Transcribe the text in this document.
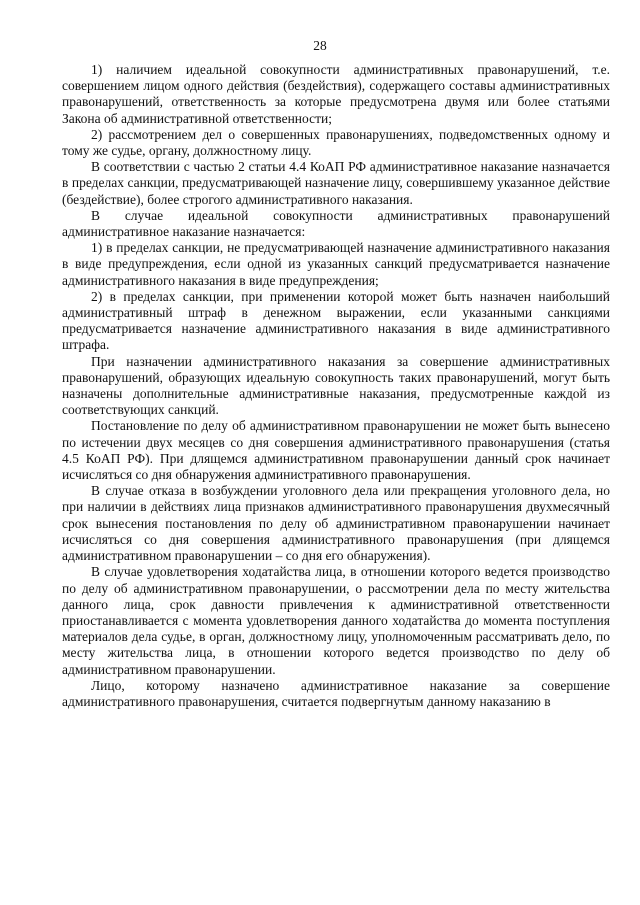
28

1) наличием идеальной совокупности административных правонарушений, т.е. совершением лицом одного действия (бездействия), содержащего составы административных правонарушений, ответственность за которые предусмотрена двумя или более статьями Закона об административной ответственности;

2) рассмотрением дел о совершенных правонарушениях, подведомственных одному и тому же судье, органу, должностному лицу.

В соответствии с частью 2 статьи 4.4 КоАП РФ административное наказание назначается в пределах санкции, предусматривающей назначение лицу, совершившему указанное действие (бездействие), более строгого административного наказания.

В случае идеальной совокупности административных правонарушений административное наказание назначается:

1) в пределах санкции, не предусматривающей назначение административного наказания в виде предупреждения, если одной из указанных санкций предусматривается назначение административного наказания в виде предупреждения;

2) в пределах санкции, при применении которой может быть назначен наибольший административный штраф в денежном выражении, если указанными санкциями предусматривается назначение административного наказания в виде административного штрафа.

При назначении административного наказания за совершение административных правонарушений, образующих идеальную совокупность таких правонарушений, могут быть назначены дополнительные административные наказания, предусмотренные каждой из соответствующих санкций.

Постановление по делу об административном правонарушении не может быть вынесено по истечении двух месяцев со дня совершения административного правонарушения (статья 4.5 КоАП РФ). При длящемся административном правонарушении данный срок начинает исчисляться со дня обнаружения административного правонарушения.

В случае отказа в возбуждении уголовного дела или прекращения уголовного дела, но при наличии в действиях лица признаков административного правонарушения двухмесячный срок вынесения постановления по делу об административном правонарушении начинает исчисляться со дня совершения административного правонарушения (при длящемся административном правонарушении – со дня его обнаружения).

В случае удовлетворения ходатайства лица, в отношении которого ведется производство по делу об административном правонарушении, о рассмотрении дела по месту жительства данного лица, срок давности привлечения к административной ответственности приостанавливается с момента удовлетворения данного ходатайства до момента поступления материалов дела судье, в орган, должностному лицу, уполномоченным рассматривать дело, по месту жительства лица, в отношении которого ведется производство по делу об административном правонарушении.

Лицо, которому назначено административное наказание за совершение административного правонарушения, считается подвергнутым данному наказанию в
